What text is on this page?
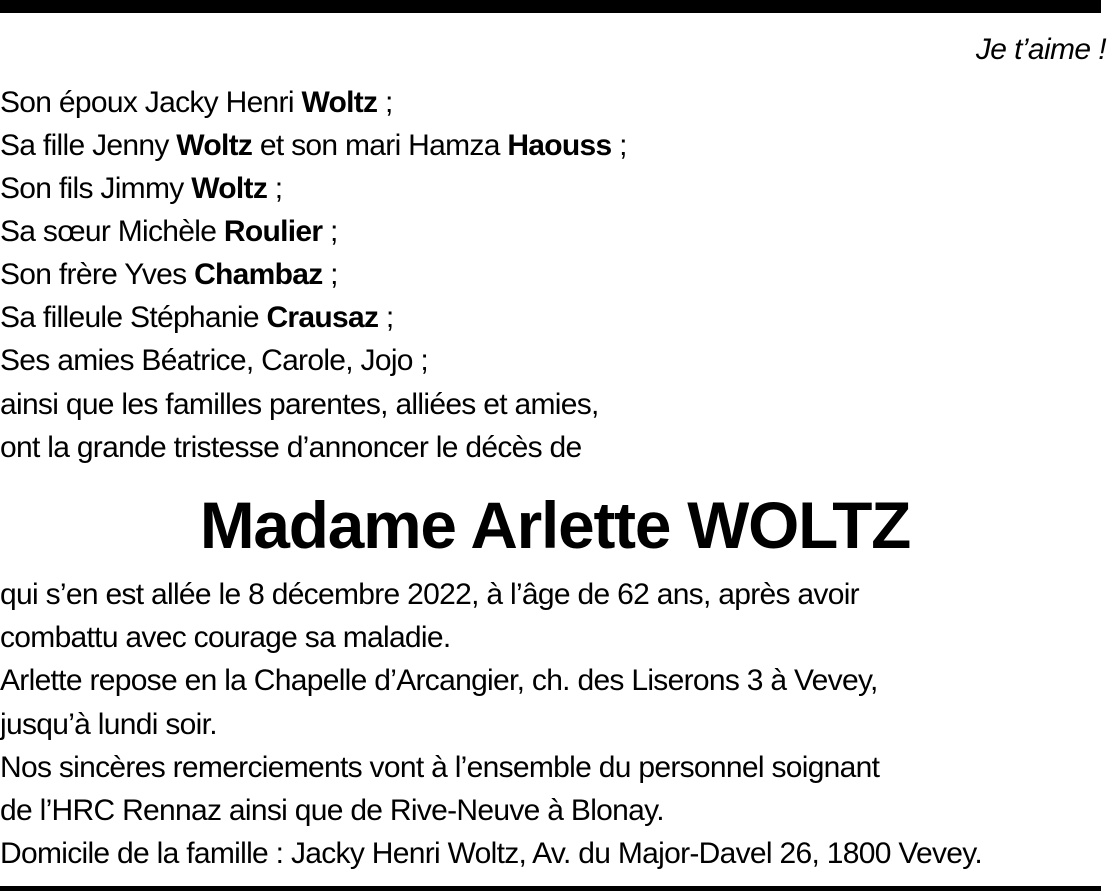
Je t’aime !
Son époux Jacky Henri Woltz ;
Sa fille Jenny Woltz et son mari Hamza Haouss ;
Son fils Jimmy Woltz ;
Sa sœur Michèle Roulier ;
Son frère Yves Chambaz ;
Sa filleule Stéphanie Crausaz ;
Ses amies Béatrice, Carole, Jojo ;
ainsi que les familles parentes, alliées et amies,
ont la grande tristesse d’annoncer le décès de
Madame Arlette WOLTZ
qui s’en est allée le 8 décembre 2022, à l’âge de 62 ans, après avoir
combattu avec courage sa maladie.
Arlette repose en la Chapelle d’Arcangier, ch. des Liserons 3 à Vevey,
jusqu’à lundi soir.
Nos sincères remerciements vont à l’ensemble du personnel soignant
de l’HRC Rennaz ainsi que de Rive-Neuve à Blonay.
Domicile de la famille : Jacky Henri Woltz, Av. du Major-Davel 26, 1800 Vevey.
